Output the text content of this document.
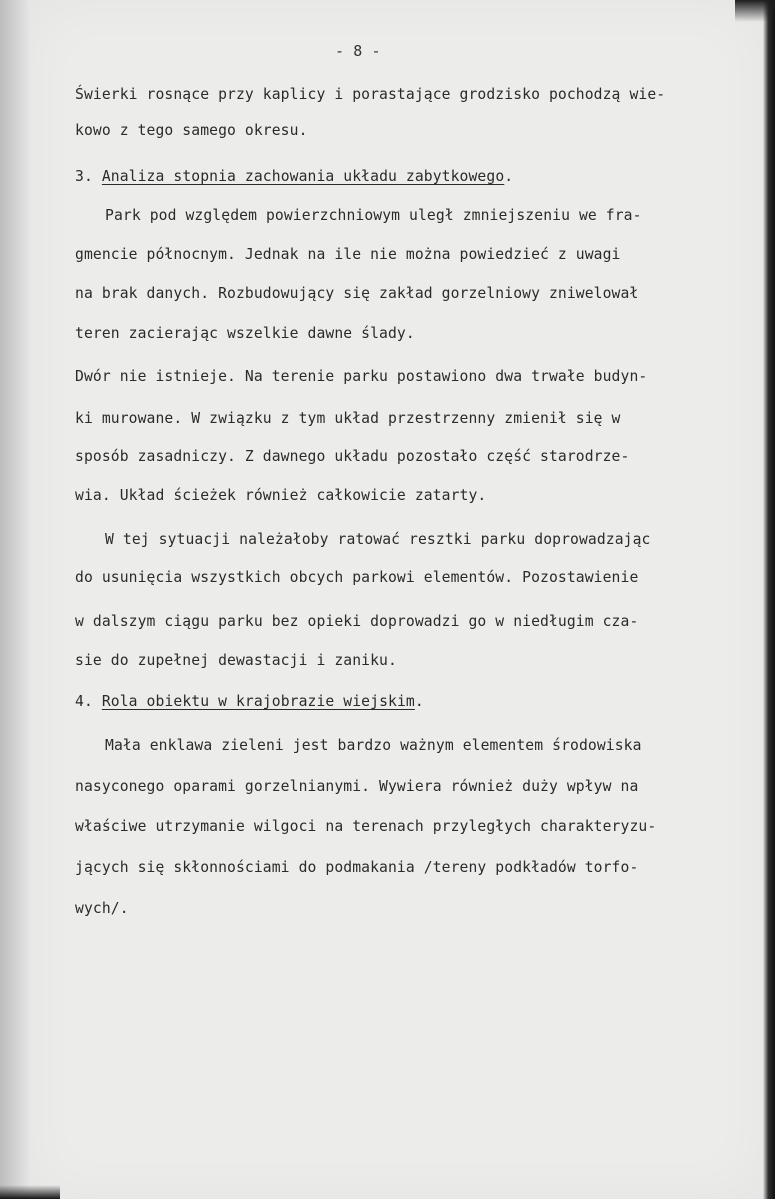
- 8 -
Świerki rosnące przy kaplicy i porastające grodzisko pochodzą wie-
kowo z tego samego okresu.
3. Analiza stopnia zachowania układu zabytkowego.
Park pod względem powierzchniowym uległ zmniejszeniu we fra-
gmencie północnym. Jednak na ile nie można powiedzieć z uwagi
na brak danych. Rozbudowujący się zakład gorzelniowy zniwelował
teren zacierając wszelkie dawne ślady.
Dwór nie istnieje. Na terenie parku postawiono dwa trwałe budyn-
ki murowane. W związku z tym układ przestrzenny zmienił się w
sposób zasadniczy. Z dawnego układu pozostało część starodrze-
wia. Układ ścieżek również całkowicie zatarty.
W tej sytuacji należałoby ratować resztki parku doprowadzając
do usunięcia wszystkich obcych parkowi elementów. Pozostawienie
w dalszym ciągu parku bez opieki doprowadzi go w niedługim cza-
sie do zupełnej dewastacji i zaniku.
4. Rola obiektu w krajobrazie wiejskim.
Mała enklawa zieleni jest bardzo ważnym elementem środowiska
nasyconego oparami gorzelnianymi. Wywiera również duży wpływ na
właściwe utrzymanie wilgoci na terenach przyległych charakteryzu-
jących się skłonnościami do podmakania /tereny podkładów torfo-
wych/.
